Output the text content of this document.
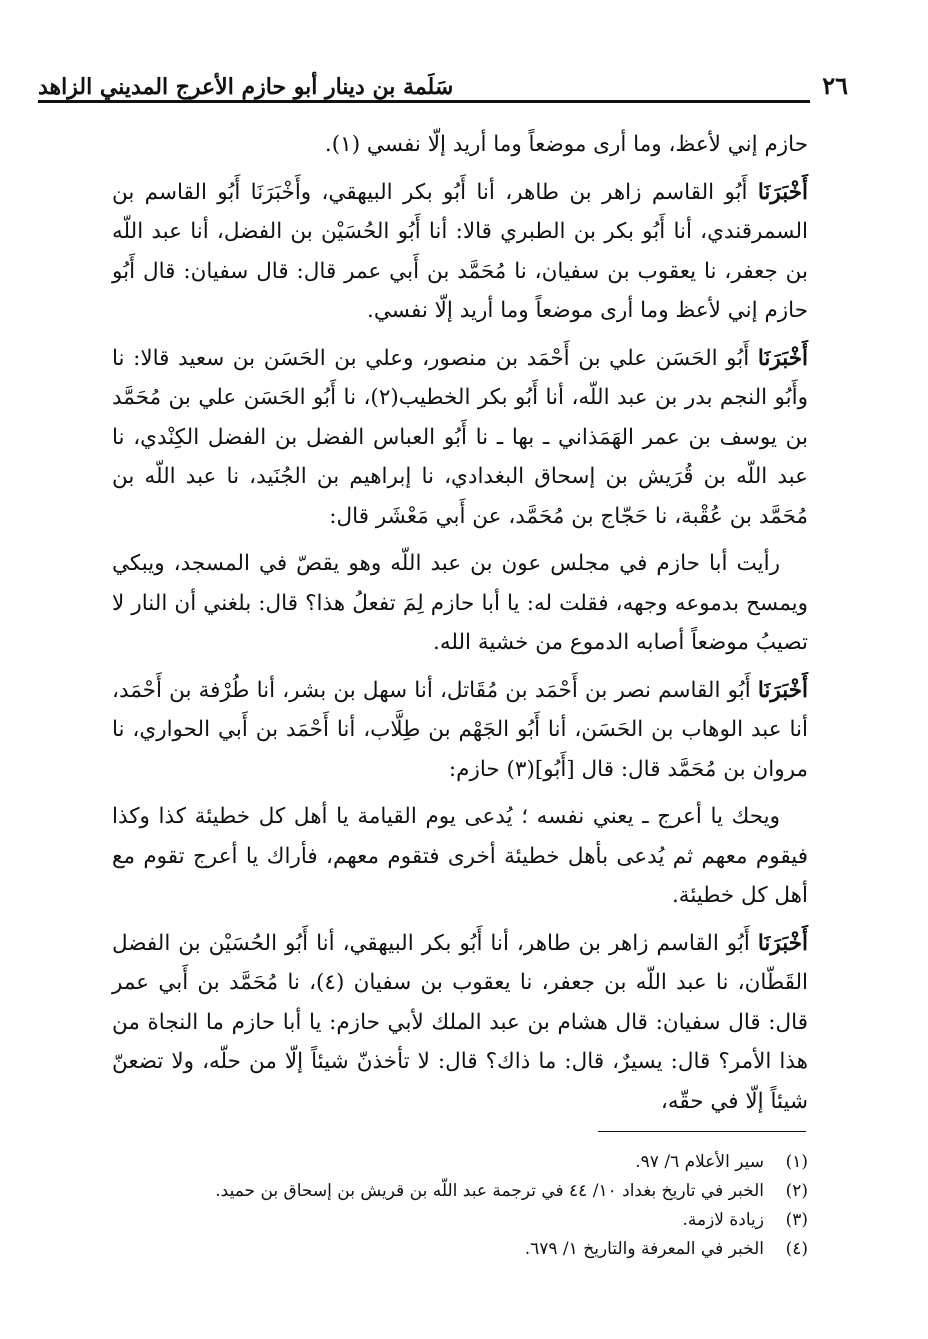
٢٦
سَلَمة بن دينار أبو حازم الأعرج المديني الزاهد

حازم إني لأعظ، وما أرى موضعاً وما أريد إلّا نفسي (١).

أَخْبَرَنَا أَبُو القاسم زاهر بن طاهر، أنا أَبُو بكر البيهقي، وأَخْبَرَنَا أَبُو القاسم بن السمرقندي، أنا أَبُو بكر بن الطبري قالا: أنا أَبُو الحُسَيْن بن الفضل، أنا عبد اللّه بن جعفر، نا يعقوب بن سفيان، نا مُحَمَّد بن أَبي عمر قال: قال سفيان: قال أَبُو حازم إني لأعظ وما أرى موضعاً وما أريد إلّا نفسي.

أَخْبَرَنَا أَبُو الحَسَن علي بن أَحْمَد بن منصور، وعلي بن الحَسَن بن سعيد قالا: نا وأَبُو النجم بدر بن عبد اللّه، أنا أَبُو بكر الخطيب(٢)، نا أَبُو الحَسَن علي بن مُحَمَّد بن يوسف بن عمر الهَمَذاني ـ بها ـ نا أَبُو العباس الفضل بن الفضل الكِنْدي، نا عبد اللّه بن قُرَيش بن إسحاق البغدادي، نا إبراهيم بن الجُنَيد، نا عبد اللّه بن مُحَمَّد بن عُقْبة، نا حَجّاج بن مُحَمَّد، عن أَبي مَعْشَر قال:

رأيت أبا حازم في مجلس عون بن عبد اللّه وهو يقصّ في المسجد، ويبكي ويمسح بدموعه وجهه، فقلت له: يا أبا حازم لِمَ تفعلُ هذا؟ قال: بلغني أن النار لا تصيبُ موضعاً أصابه الدموع من خشية الله.

أَخْبَرَنَا أَبُو القاسم نصر بن أَحْمَد بن مُقَاتل، أنا سهل بن بشر، أنا طُرْفة بن أَحْمَد، أنا عبد الوهاب بن الحَسَن، أنا أَبُو الجَهْم بن طِلَّاب، أنا أَحْمَد بن أَبي الحواري، نا مروان بن مُحَمَّد قال: قال [أَبُو](٣) حازم:

ويحك يا أعرج ـ يعني نفسه ؛ يُدعى يوم القيامة يا أهل كل خطيئة كذا وكذا فيقوم معهم ثم يُدعى بأهل خطيئة أخرى فتقوم معهم، فأراك يا أعرج تقوم مع أهل كل خطيئة.

أَخْبَرَنَا أَبُو القاسم زاهر بن طاهر، أنا أَبُو بكر البيهقي، أنا أَبُو الحُسَيْن بن الفضل القَطّان، نا عبد اللّه بن جعفر، نا يعقوب بن سفيان (٤)، نا مُحَمَّد بن أَبي عمر قال: قال سفيان: قال هشام بن عبد الملك لأبي حازم: يا أبا حازم ما النجاة من هذا الأمر؟ قال: يسيرٌ، قال: ما ذاك؟ قال: لا تأخذنّ شيئاً إلّا من حلّه، ولا تضعنّ شيئاً إلّا في حقّه،

(١)
سير الأعلام ٦/ ٩٧.
(٢)
الخبر في تاريخ بغداد ١٠/ ٤٤ في ترجمة عبد اللّه بن قريش بن إسحاق بن حميد.
(٣)
زيادة لازمة.
(٤)
الخبر في المعرفة والتاريخ ١/ ٦٧٩.
